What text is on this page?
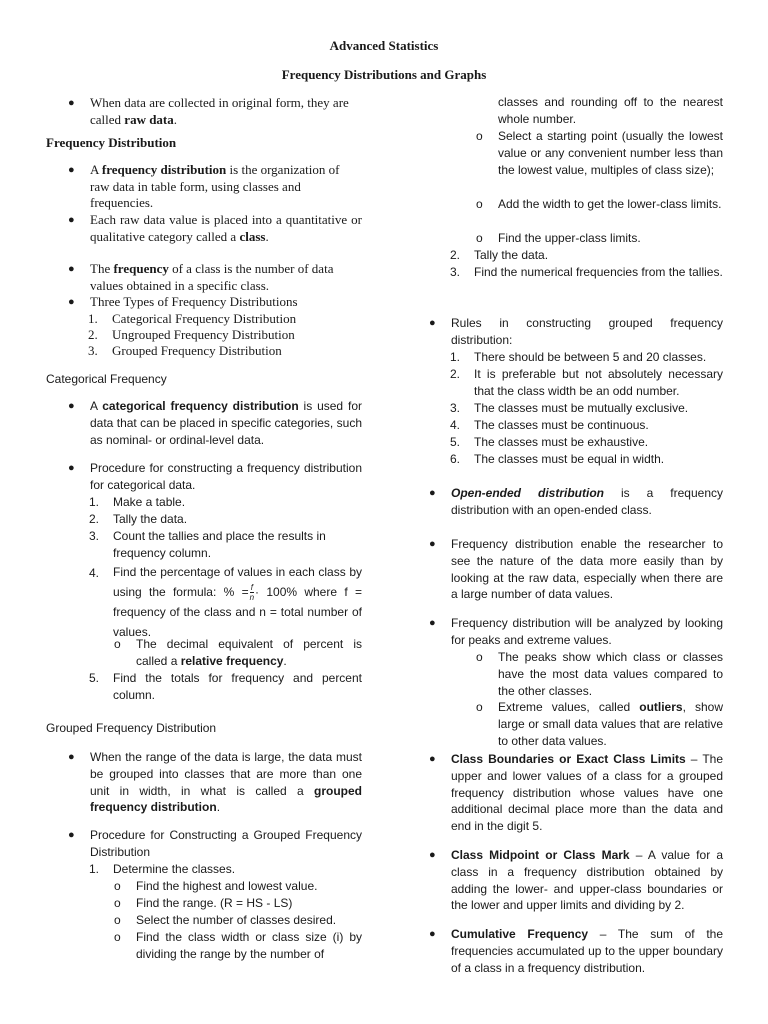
Advanced Statistics
Frequency Distributions and Graphs
● When data are collected in original form, they are called raw data.
Frequency Distribution
● A frequency distribution is the organization of raw data in table form, using classes and frequencies.
● Each raw data value is placed into a quantitative or qualitative category called a class.
● The frequency of a class is the number of data values obtained in a specific class.
● Three Types of Frequency Distributions
1. Categorical Frequency Distribution
2. Ungrouped Frequency Distribution
3. Grouped Frequency Distribution
Categorical Frequency
● A categorical frequency distribution is used for data that can be placed in specific categories, such as nominal- or ordinal-level data.
● Procedure for constructing a frequency distribution for categorical data.
1. Make a table.
2. Tally the data.
3. Count the tallies and place the results in frequency column.
4. Find the percentage of values in each class by using the formula: % = $\frac{f}{n} \cdot 100\%$ where f = frequency of the class and n = total number of values.
o The decimal equivalent of percent is called a relative frequency.
5. Find the totals for frequency and percent column.
Grouped Frequency Distribution
● When the range of the data is large, the data must be grouped into classes that are more than one unit in width, in what is called a grouped frequency distribution.
● Procedure for Constructing a Grouped Frequency Distribution
1. Determine the classes.
o Find the highest and lowest value.
o Find the range. (R = HS - LS)
o Select the number of classes desired.
o Find the class width or class size (i) by dividing the range by the number of
classes and rounding off to the nearest whole number.
o Select a starting point (usually the lowest value or any convenient number less than the lowest value, multiples of class size);
o Add the width to get the lower-class limits.
o Find the upper-class limits.
2. Tally the data.
3. Find the numerical frequencies from the tallies.
● Rules in constructing grouped frequency distribution:
1. There should be between 5 and 20 classes.
2. It is preferable but not absolutely necessary that the class width be an odd number.
3. The classes must be mutually exclusive.
4. The classes must be continuous.
5. The classes must be exhaustive.
6. The classes must be equal in width.
● Open-ended distribution is a frequency distribution with an open-ended class.
● Frequency distribution enable the researcher to see the nature of the data more easily than by looking at the raw data, especially when there are a large number of data values.
● Frequency distribution will be analyzed by looking for peaks and extreme values.
o The peaks show which class or classes have the most data values compared to the other classes.
o Extreme values, called outliers, show large or small data values that are relative to other data values.
● Class Boundaries or Exact Class Limits – The upper and lower values of a class for a grouped frequency distribution whose values have one additional decimal place more than the data and end in the digit 5.
● Class Midpoint or Class Mark – A value for a class in a frequency distribution obtained by adding the lower- and upper-class boundaries or the lower and upper limits and dividing by 2.
● Cumulative Frequency – The sum of the frequencies accumulated up to the upper boundary of a class in a frequency distribution.
